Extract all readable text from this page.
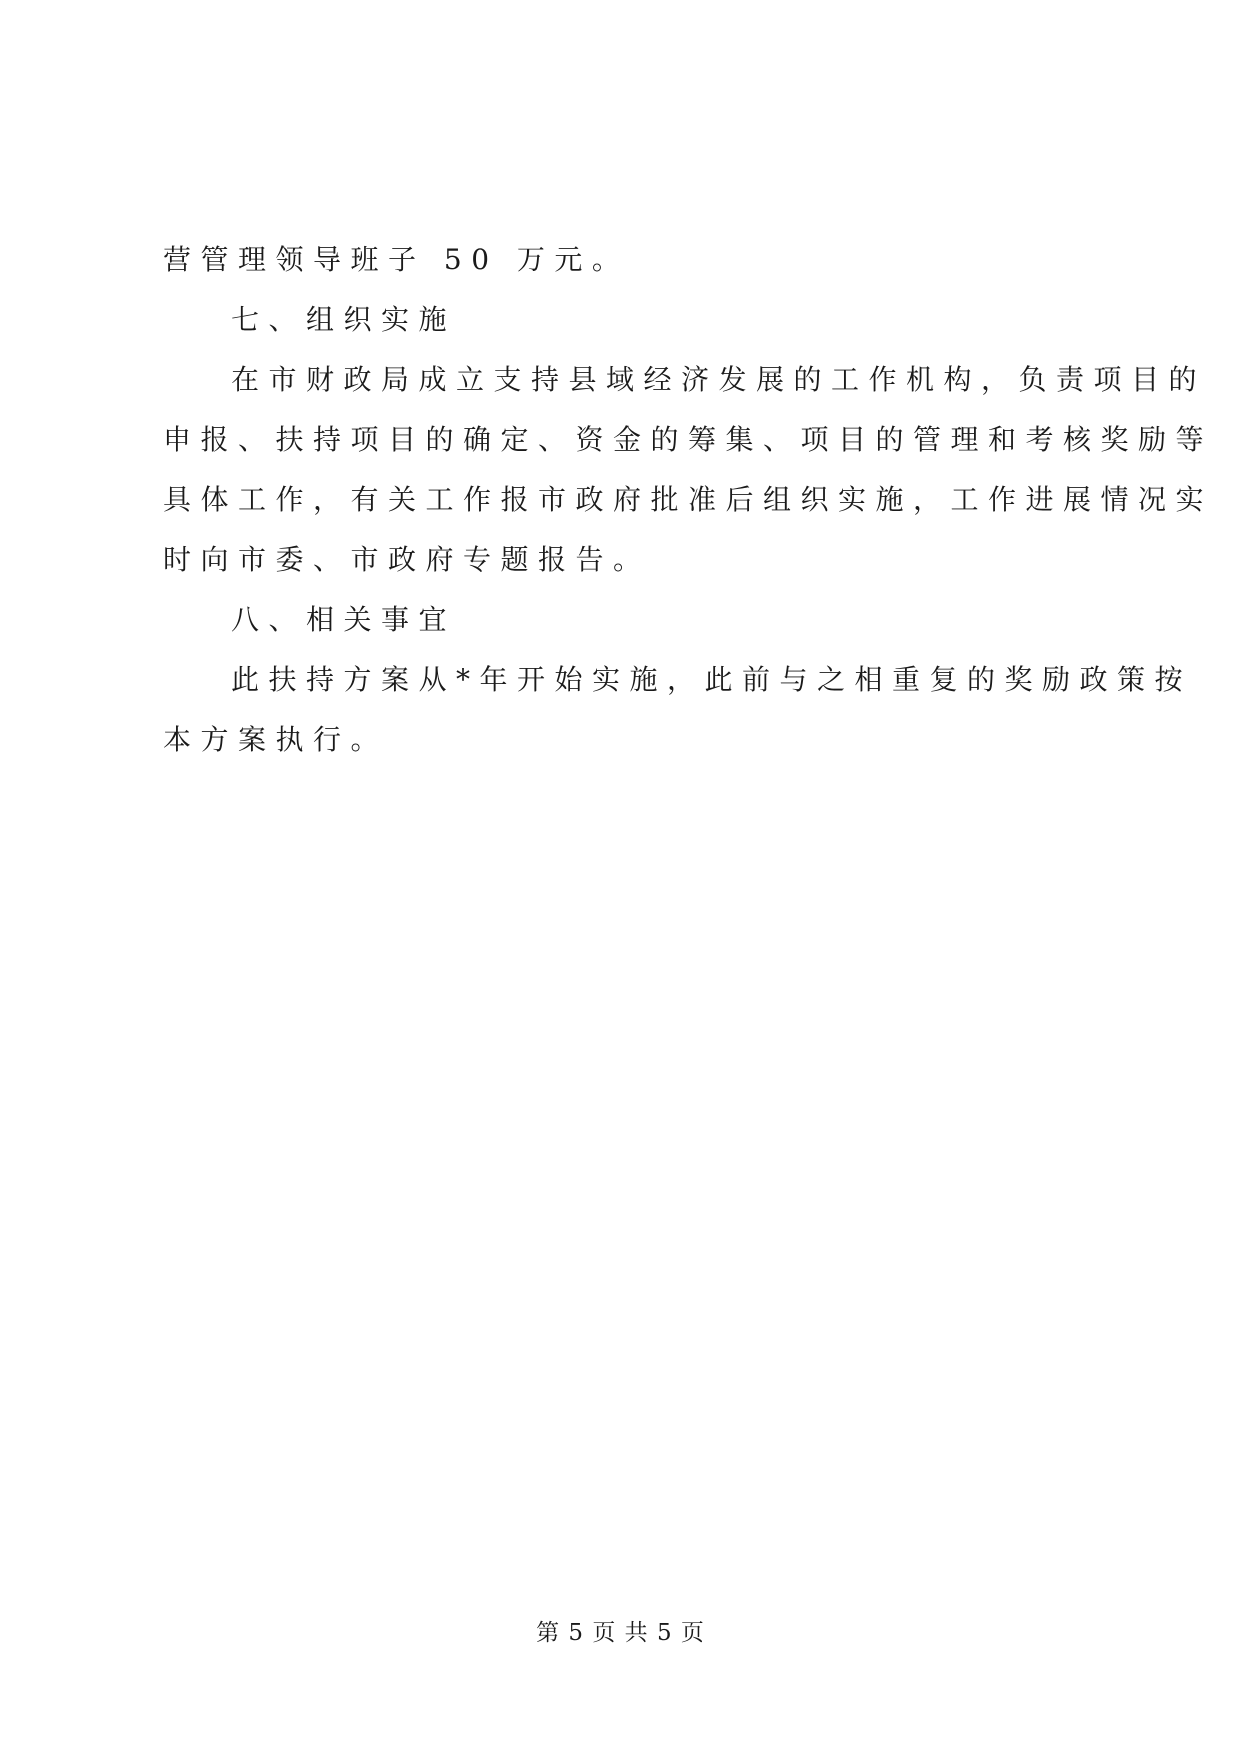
营管理领导班子 50 万元。
七、组织实施
在市财政局成立支持县域经济发展的工作机构，负责项目的
申报、扶持项目的确定、资金的筹集、项目的管理和考核奖励等
具体工作，有关工作报市政府批准后组织实施，工作进展情况实
时向市委、市政府专题报告。
八、相关事宜
此扶持方案从*年开始实施，此前与之相重复的奖励政策按
本方案执行。
第 5 页 共 5 页
